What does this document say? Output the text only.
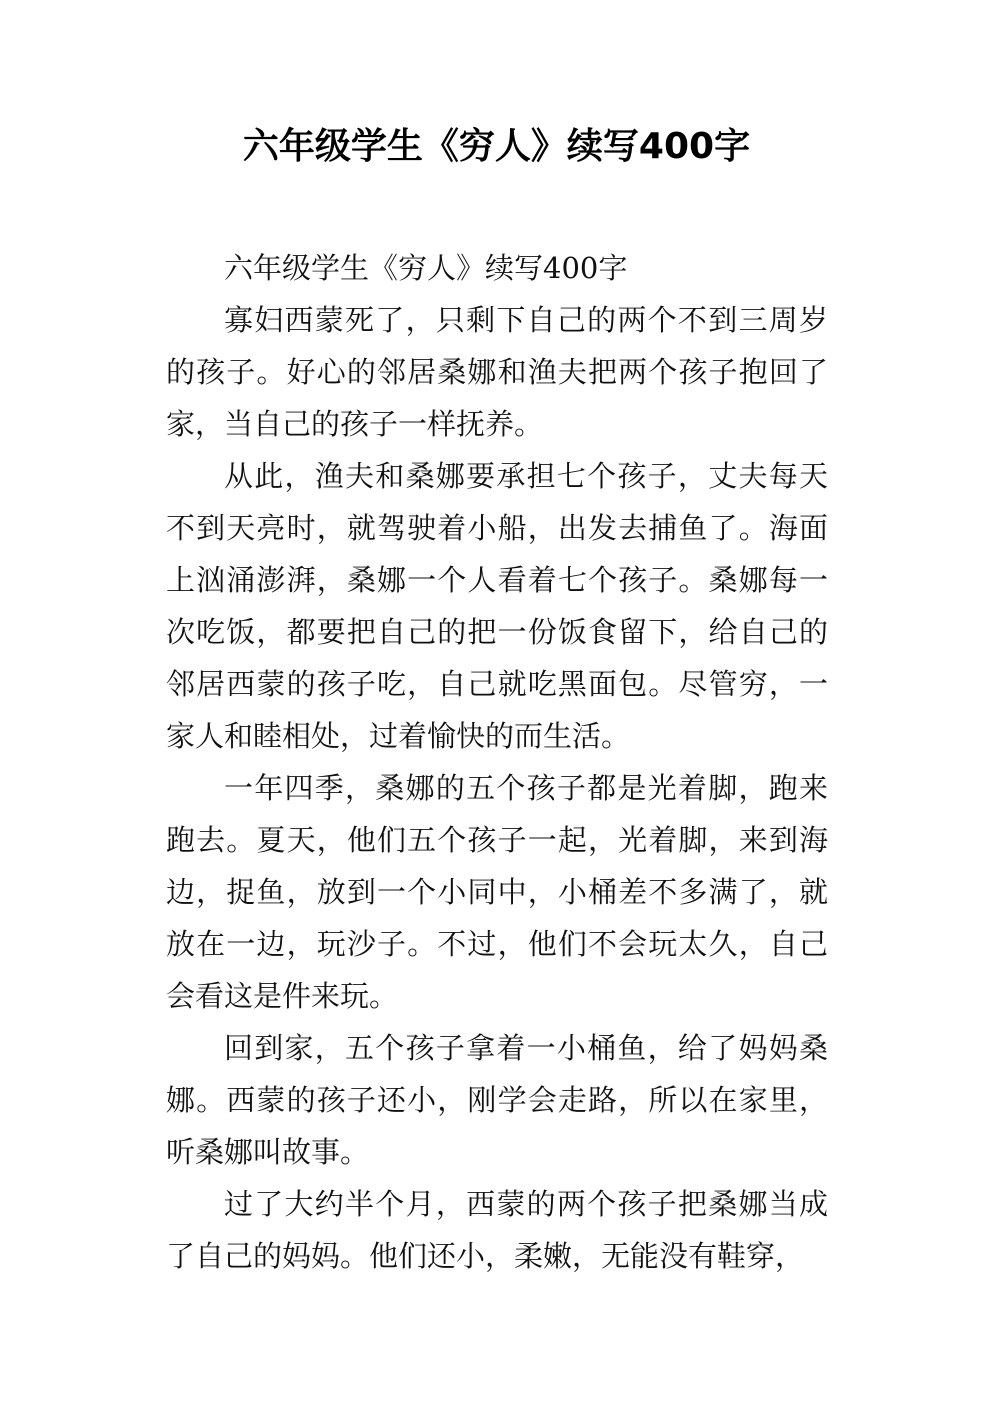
六年级学生《穷人》续写400字

六年级学生《穷人》续写400字

寡妇西蒙死了，只剩下自己的两个不到三周岁的孩子。好心的邻居桑娜和渔夫把两个孩子抱回了家，当自己的孩子一样抚养。

从此，渔夫和桑娜要承担七个孩子，丈夫每天不到天亮时，就驾驶着小船，出发去捕鱼了。海面上汹涌澎湃，桑娜一个人看着七个孩子。桑娜每一次吃饭，都要把自己的把一份饭食留下，给自己的邻居西蒙的孩子吃，自己就吃黑面包。尽管穷，一家人和睦相处，过着愉快的而生活。

一年四季，桑娜的五个孩子都是光着脚，跑来跑去。夏天，他们五个孩子一起，光着脚，来到海边，捉鱼，放到一个小同中，小桶差不多满了，就放在一边，玩沙子。不过，他们不会玩太久，自己会看这是件来玩。

回到家，五个孩子拿着一小桶鱼，给了妈妈桑娜。西蒙的孩子还小，刚学会走路，所以在家里，听桑娜叫故事。

过了大约半个月，西蒙的两个孩子把桑娜当成了自己的妈妈。他们还小，柔嫩，无能没有鞋穿，
